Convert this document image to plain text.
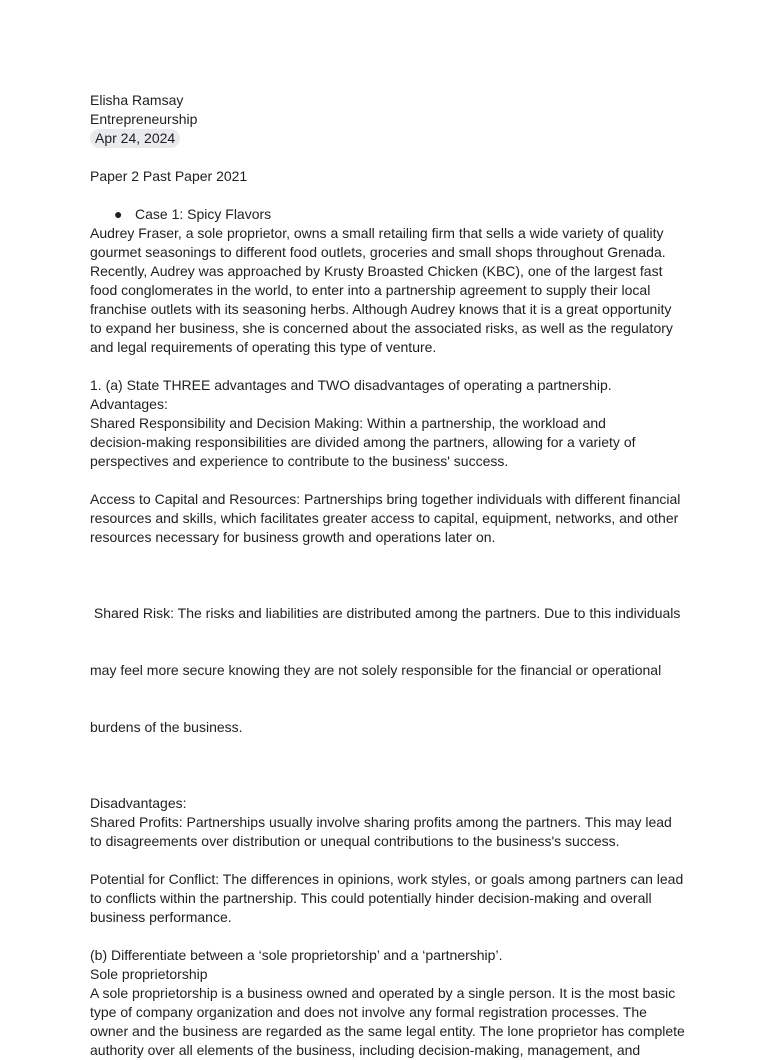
Elisha Ramsay
Entrepreneurship
Apr 24, 2024
Paper 2 Past Paper 2021
● Case 1: Spicy Flavors
Audrey Fraser, a sole proprietor, owns a small retailing firm that sells a wide variety of quality
gourmet seasonings to different food outlets, groceries and small shops throughout Grenada.
Recently, Audrey was approached by Krusty Broasted Chicken (KBC), one of the largest fast
food conglomerates in the world, to enter into a partnership agreement to supply their local
franchise outlets with its seasoning herbs. Although Audrey knows that it is a great opportunity
to expand her business, she is concerned about the associated risks, as well as the regulatory
and legal requirements of operating this type of venture.
1. (a) State THREE advantages and TWO disadvantages of operating a partnership.
Advantages:
Shared Responsibility and Decision Making: Within a partnership, the workload and
decision-making responsibilities are divided among the partners, allowing for a variety of
perspectives and experience to contribute to the business' success.
Access to Capital and Resources: Partnerships bring together individuals with different financial
resources and skills, which facilitates greater access to capital, equipment, networks, and other
resources necessary for business growth and operations later on.

Shared Risk: The risks and liabilities are distributed among the partners. Due to this individuals

may feel more secure knowing they are not solely responsible for the financial or operational

burdens of the business.

Disadvantages:
Shared Profits: Partnerships usually involve sharing profits among the partners. This may lead
to disagreements over distribution or unequal contributions to the business's success.
Potential for Conflict: The differences in opinions, work styles, or goals among partners can lead
to conflicts within the partnership. This could potentially hinder decision-making and overall
business performance.
(b) Differentiate between a ‘sole proprietorship’ and a ‘partnership’.
Sole proprietorship
A sole proprietorship is a business owned and operated by a single person. It is the most basic
type of company organization and does not involve any formal registration processes. The
owner and the business are regarded as the same legal entity. The lone proprietor has complete
authority over all elements of the business, including decision-making, management, and
